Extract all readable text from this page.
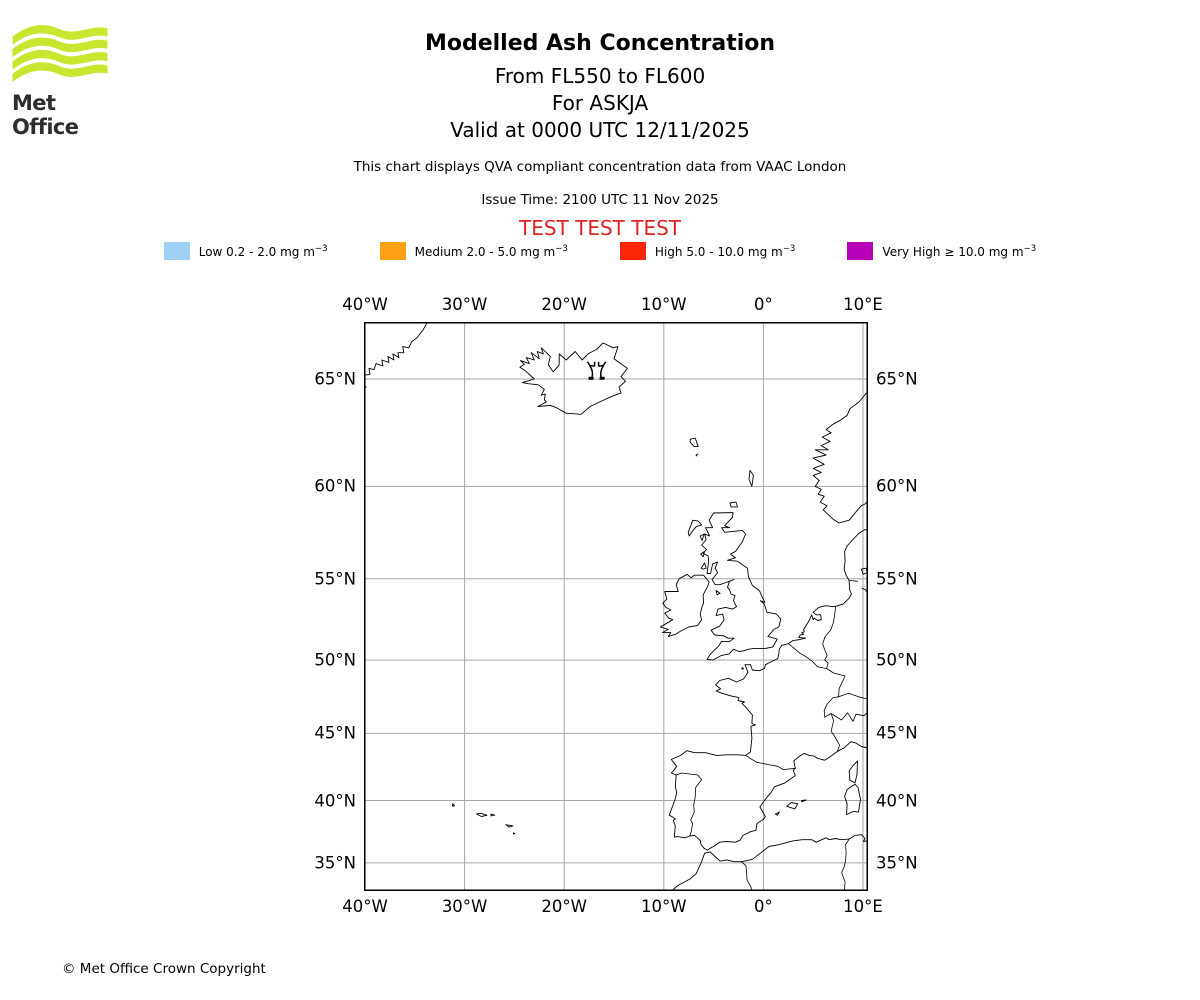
Met Office
Modelled Ash Concentration
From FL550 to FL600
For ASKJA
Valid at 0000 UTC 12/11/2025
This chart displays QVA compliant concentration data from VAAC London
Issue Time: 2100 UTC 11 Nov 2025
TEST TEST TEST
Low 0.2 - 2.0 mg $m^{-3}$	Medium 2.0 - 5.0 mg $m^{-3}$	High 5.0 - 10.0 mg $m^{-3}$	Very High ≥ 10.0 mg $m^{-3}$
© Met Office Crown Copyright
40°W
40°W
30°W
30°W
20°W
20°W
10°W
10°W
0°
0°
10°E
10°E
65°N	65°N
60°N	60°N
55°N	55°N
50°N	50°N
45°N	45°N
40°N	40°N
35°N	35°N
